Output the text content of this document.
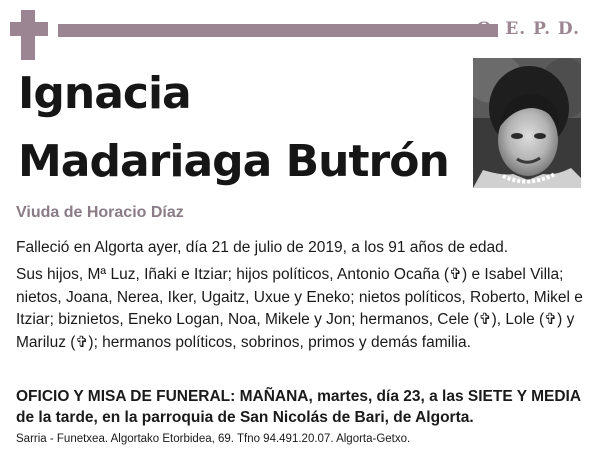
Q. E. P. D.
Ignacia
Madariaga Butrón
Viuda de Horacio Díaz
Falleció en Algorta ayer, día 21 de julio de 2019, a los 91 años de edad.
Sus hijos, Mª Luz, Iñaki e Itziar; hijos políticos, Antonio Ocaña (✞) e Isabel Villa; nietos, Joana, Nerea, Iker, Ugaitz, Uxue y Eneko; nietos políticos, Roberto, Mikel e Itziar; biznietos, Eneko Logan, Noa, Mikele y Jon; hermanos, Cele (✞), Lole (✞) y Mariluz (✞); hermanos políticos, sobrinos, primos y demás familia.
OFICIO Y MISA DE FUNERAL: MAÑANA, martes, día 23, a las SIETE Y MEDIA de la tarde, en la parroquia de San Nicolás de Bari, de Algorta.
Sarria - Funetxea. Algortako Etorbidea, 69. Tfno 94.491.20.07. Algorta-Getxo.
